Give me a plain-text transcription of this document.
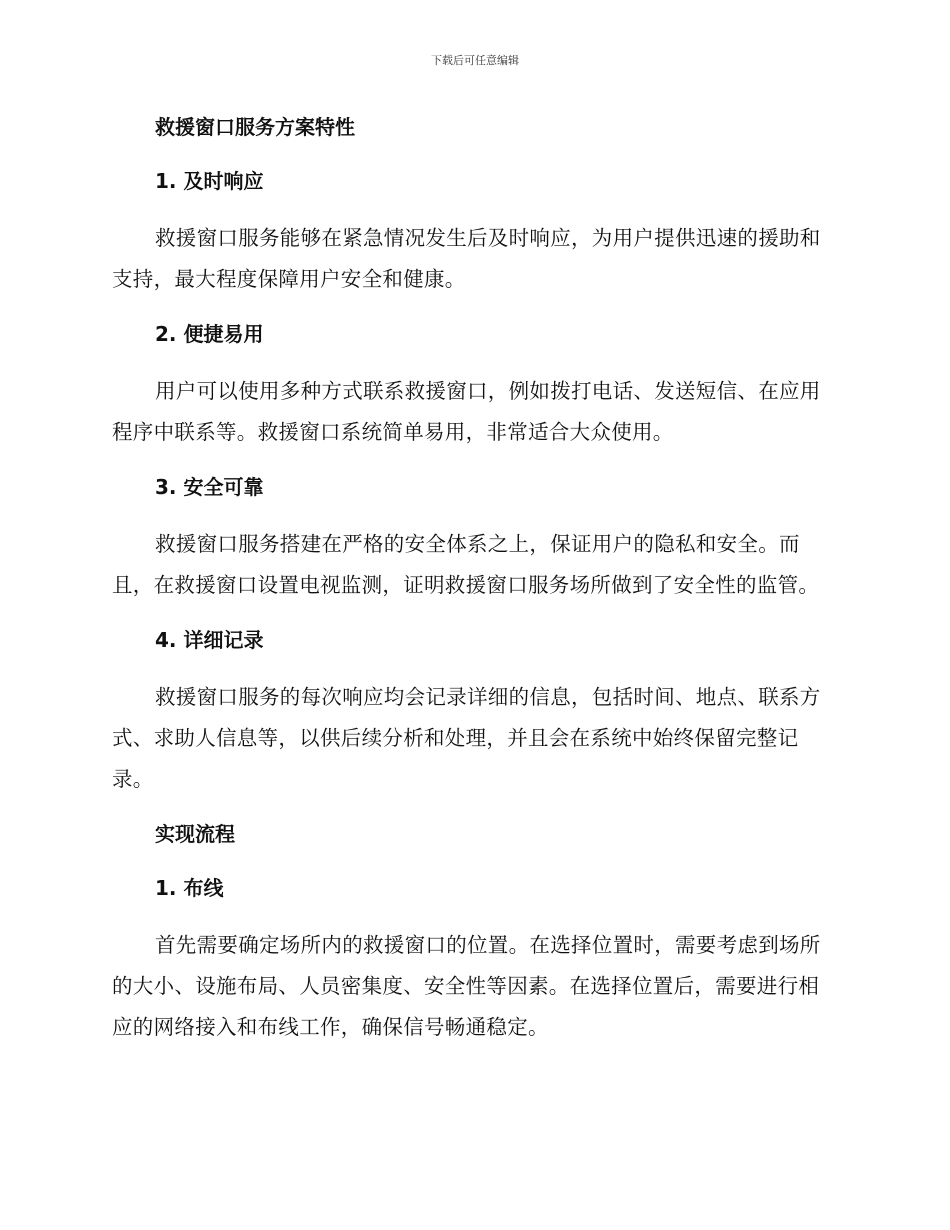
下载后可任意编辑
救援窗口服务方案特性
1. 及时响应

救援窗口服务能够在紧急情况发生后及时响应，为用户提供迅速的援助和支持，最大程度保障用户安全和健康。

2. 便捷易用

用户可以使用多种方式联系救援窗口，例如拨打电话、发送短信、在应用程序中联系等。救援窗口系统简单易用，非常适合大众使用。

3. 安全可靠

救援窗口服务搭建在严格的安全体系之上，保证用户的隐私和安全。而且，在救援窗口设置电视监测，证明救援窗口服务场所做到了安全性的监管。

4. 详细记录

救援窗口服务的每次响应均会记录详细的信息，包括时间、地点、联系方式、求助人信息等，以供后续分析和处理，并且会在系统中始终保留完整记录。

实现流程
1. 布线

首先需要确定场所内的救援窗口的位置。在选择位置时，需要考虑到场所的大小、设施布局、人员密集度、安全性等因素。在选择位置后，需要进行相应的网络接入和布线工作，确保信号畅通稳定。
